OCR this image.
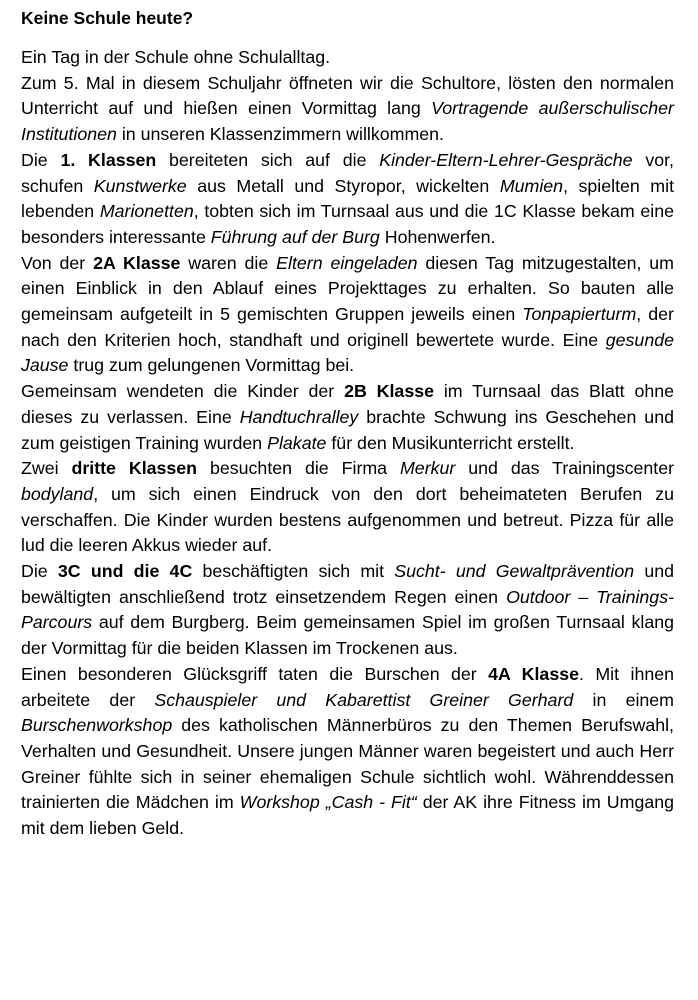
Keine Schule heute?

Ein Tag in der Schule ohne Schulalltag.

Zum 5. Mal in diesem Schuljahr öffneten wir die Schultore, lösten den normalen Unterricht auf und hießen einen Vormittag lang Vortragende außerschulischer Institutionen in unseren Klassenzimmern willkommen.

Die 1. Klassen bereiteten sich auf die Kinder-Eltern-Lehrer-Gespräche vor, schufen Kunstwerke aus Metall und Styropor, wickelten Mumien, spielten mit lebenden Marionetten, tobten sich im Turnsaal aus und die 1C Klasse bekam eine besonders interessante Führung auf der Burg Hohenwerfen.

Von der 2A Klasse waren die Eltern eingeladen diesen Tag mitzugestalten, um einen Einblick in den Ablauf eines Projekttages zu erhalten. So bauten alle gemeinsam aufgeteilt in 5 gemischten Gruppen jeweils einen Tonpapierturm, der nach den Kriterien hoch, standhaft und originell bewertete wurde. Eine gesunde Jause trug zum gelungenen Vormittag bei.

Gemeinsam wendeten die Kinder der 2B Klasse im Turnsaal das Blatt ohne dieses zu verlassen. Eine Handtuchralley brachte Schwung ins Geschehen und zum geistigen Training wurden Plakate für den Musikunterricht erstellt.

Zwei dritte Klassen besuchten die Firma Merkur und das Trainingscenter bodyland, um sich einen Eindruck von den dort beheimateten Berufen zu verschaffen. Die Kinder wurden bestens aufgenommen und betreut. Pizza für alle lud die leeren Akkus wieder auf.

Die 3C und die 4C beschäftigten sich mit Sucht- und Gewaltprävention und bewältigten anschließend trotz einsetzendem Regen einen Outdoor – Trainings- Parcours auf dem Burgberg. Beim gemeinsamen Spiel im großen Turnsaal klang der Vormittag für die beiden Klassen im Trockenen aus.

Einen besonderen Glücksgriff taten die Burschen der 4A Klasse. Mit ihnen arbeitete der Schauspieler und Kabarettist Greiner Gerhard in einem Burschenworkshop des katholischen Männerbüros zu den Themen Berufswahl, Verhalten und Gesundheit. Unsere jungen Männer waren begeistert und auch Herr Greiner fühlte sich in seiner ehemaligen Schule sichtlich wohl. Währenddessen trainierten die Mädchen im Workshop „Cash - Fit“ der AK ihre Fitness im Umgang mit dem lieben Geld.
